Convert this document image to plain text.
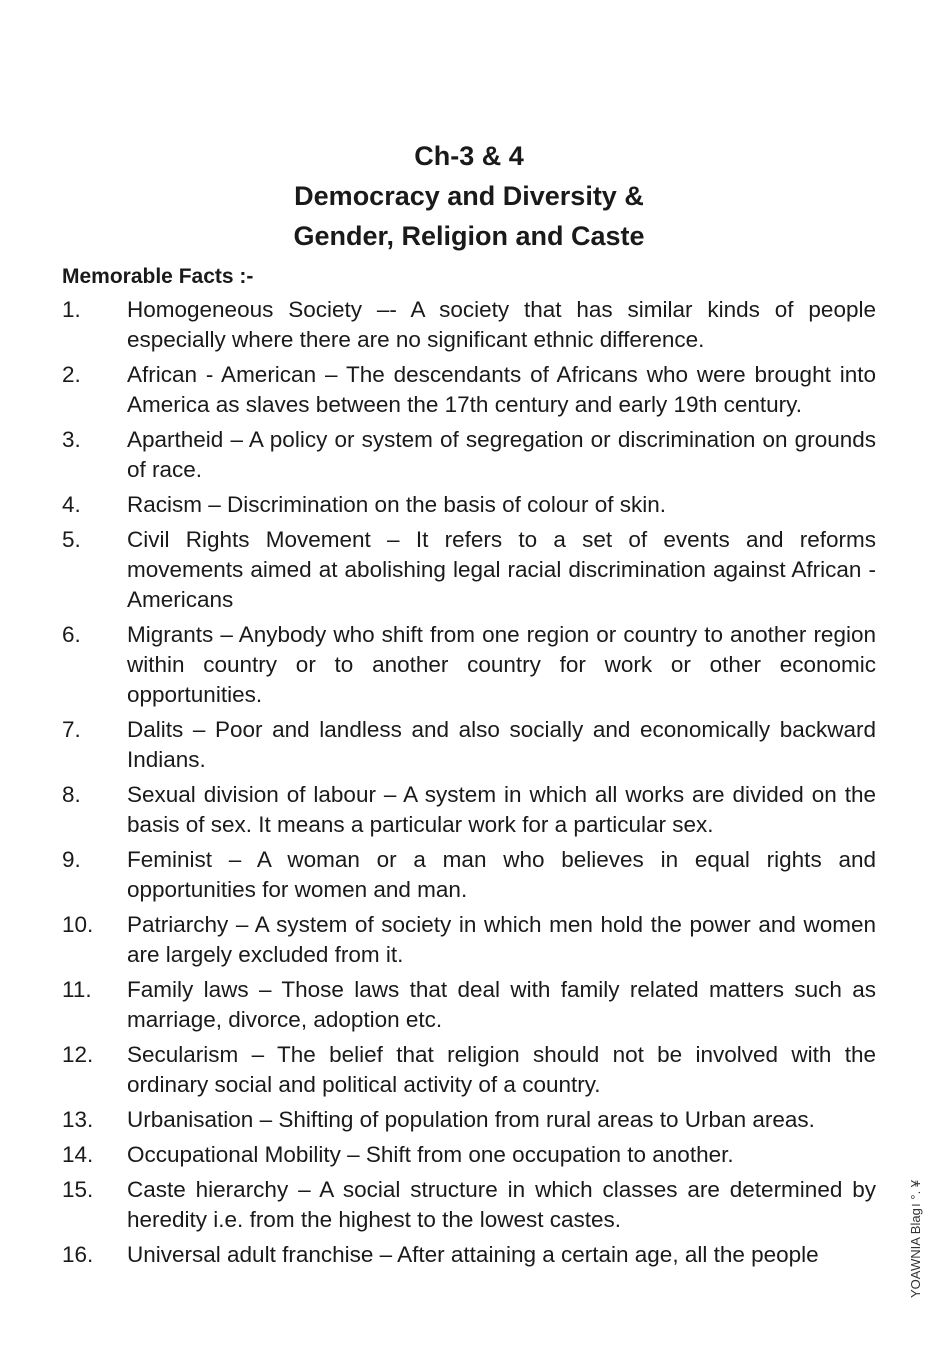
Ch-3 & 4
Democracy and Diversity &
Gender, Religion and Caste
Memorable Facts :-
1.	Homogeneous Society –- A society that has similar kinds of people especially where there are no significant ethnic difference.
2.	African - American – The descendants of Africans who were brought into America as slaves between the 17th century and early 19th century.
3.	Apartheid – A policy or system of segregation or discrimination on grounds of race.
4.	Racism – Discrimination on the basis of colour of skin.
5.	Civil Rights Movement – It refers to a set of events and reforms movements aimed at abolishing legal racial discrimination against African - Americans
6.	Migrants – Anybody who shift from one region or country to another region within country or to another country for work or other economic opportunities.
7.	Dalits – Poor and landless and also socially and economically backward Indians.
8.	Sexual division of labour – A system in which all works are divided on the basis of sex. It means a particular work for a particular sex.
9.	Feminist – A woman or a man who believes in equal rights and opportunities for women and man.
10.	Patriarchy – A system of society in which men hold the power and women are largely excluded from it.
11.	Family laws – Those laws that deal with family related matters such as marriage, divorce, adoption etc.
12.	Secularism – The belief that religion should not be involved with the ordinary social and political activity of a country.
13.	Urbanisation – Shifting of population from rural areas to Urban areas.
14.	Occupational Mobility – Shift from one occupation to another.
15.	Caste hierarchy – A social structure in which classes are determined by heredity i.e. from the highest to the lowest castes.
16.	Universal adult franchise – After attaining a certain age, all the people	YOAWNIA Blag। °. ¥
